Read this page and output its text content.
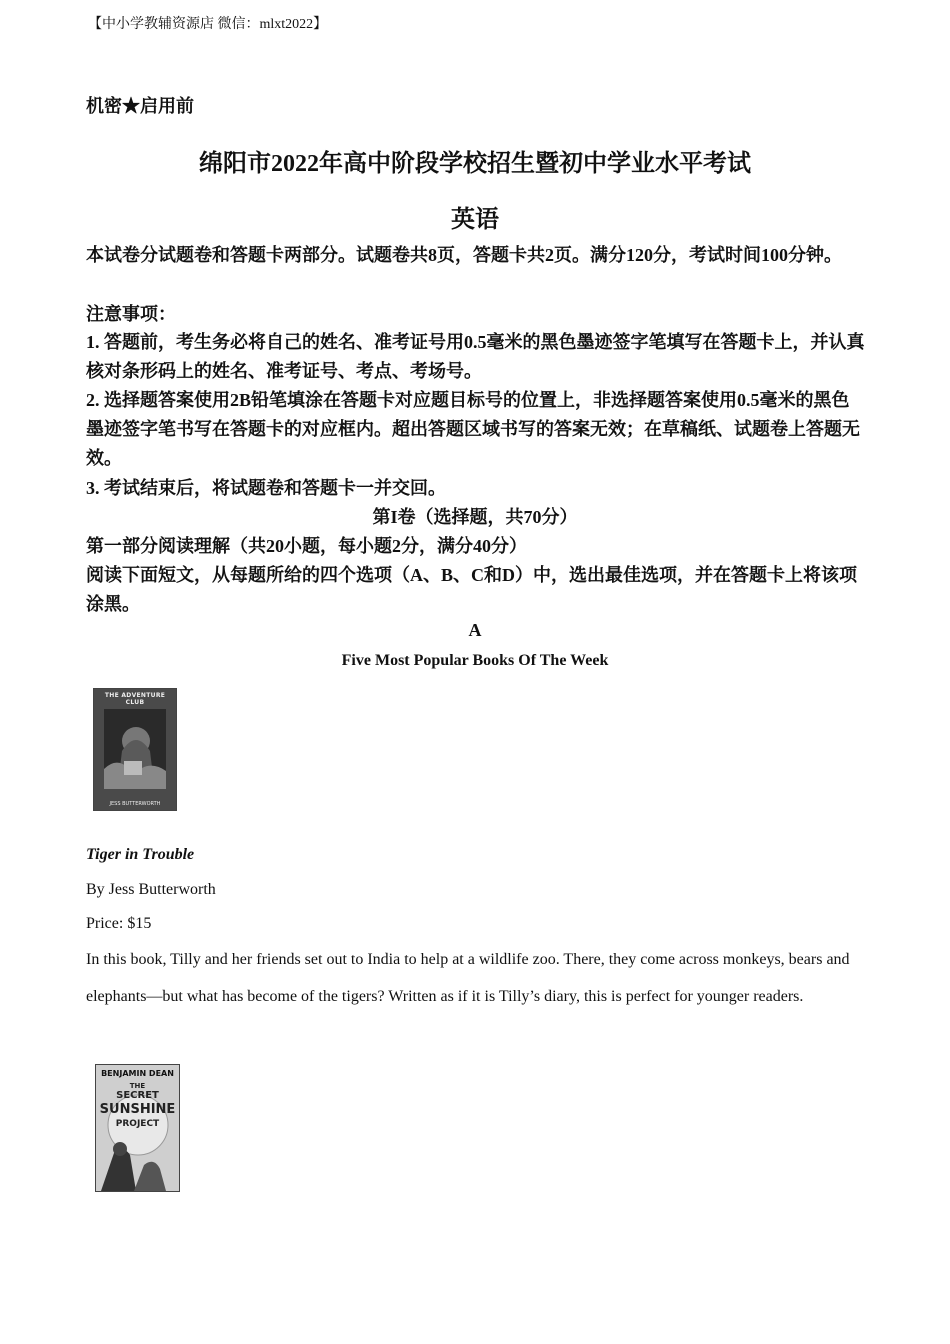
【中小学教辅资源店 微信：mlxt2022】
机密★启用前
绵阳市2022年高中阶段学校招生暨初中学业水平考试
英语
本试卷分试题卷和答题卡两部分。试题卷共8页，答题卡共2页。满分120分，考试时间100分钟。
注意事项：
1. 答题前，考生务必将自己的姓名、准考证号用0.5毫米的黑色墨迹签字笔填写在答题卡上，并认真核对条形码上的姓名、准考证号、考点、考场号。
2. 选择题答案使用2B铅笔填涂在答题卡对应题目标号的位置上，非选择题答案使用0.5毫米的黑色墨迹签字笔书写在答题卡的对应框内。超出答题区域书写的答案无效；在草稿纸、试题卷上答题无效。
3. 考试结束后，将试题卷和答题卡一并交回。
第I卷（选择题，共70分）
第一部分阅读理解（共20小题，每小题2分，满分40分）
阅读下面短文，从每题所给的四个选项（A、B、C和D）中，选出最佳选项，并在答题卡上将该项涂黑。
A
Five Most Popular Books Of The Week
THE ADVENTURE CLUB
JESS BUTTERWORTH
Tiger in Trouble
By Jess Butterworth
Price: $15
In this book, Tilly and her friends set out to India to help at a wildlife zoo. There, they come across monkeys, bears and elephants—but what has become of the tigers? Written as if it is Tilly’s diary, this is perfect for younger readers.
BENJAMIN DEAN
THE
SECRET
SUNSHINE
PROJECT
